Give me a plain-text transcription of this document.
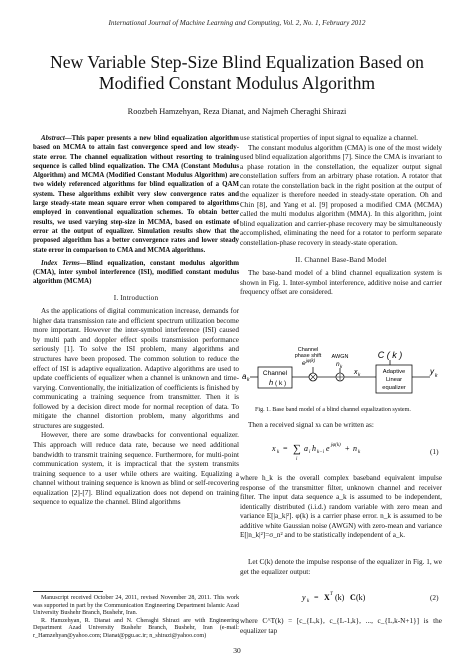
International Journal of Machine Learning and Computing, Vol. 2, No. 1, February 2012
New Variable Step-Size Blind Equalization Based on Modified Constant Modulus Algorithm
Roozbeh Hamzehyan, Reza Dianat, and Najmeh Cheraghi Shirazi

Abstract—This paper presents a new blind equalization algorithm based on MCMA to attain fast convergence speed and low steady-state error. The channel equalization without resorting to training sequence is called blind equalization. The CMA (Constant Modulus Algorithm) and MCMA (Modified Constant Modulus Algorithm) are two widely referenced algorithms for blind equalization of a QAM system. These algorithms exhibit very slow convergence rates and large steady-state mean square error when compared to algorithms employed in conventional equalization schemes. To obtain better results, we used varying step-size in MCMA, based on estimate of error at the output of equalizer. Simulation results show that the proposed algorithm has a better convergence rates and lower steady state error in comparison to CMA and MCMA algorithms.

Index Terms—Blind equalization, constant modulus algorithm (CMA), inter symbol interference (ISI), modified constant modulus algorithm (MCMA)

I. Introduction

As the applications of digital communication increase, demands for higher data transmission rate and efficient spectrum utilization become more important. However the inter-symbol interference (ISI) caused by multi path and doppler effect spoils transmission performance seriously [1]. To solve the ISI problem, many algorithms and structures have been proposed. The common solution to reduce the effect of ISI is adaptive equalization. Adaptive algorithms are used to update coefficients of equalizer when a channel is unknown and time-varying. Conventionally, the initialization of coefficients is finished by communicating a training sequence from transmitter. Then it is followed by a decision direct mode for normal reception of data. To mitigate the channel distortion problem, many algorithms and structures are suggested.

However, there are some drawbacks for conventional equalizer. This approach will reduce data rate, because we need additional bandwidth to transmit training sequence. Furthermore, for multi-point communication system, it is impractical that the system transmits training sequence to a user while others are waiting. Equalizing a channel without training sequence is known as blind or self-recovering equalization [2]-[7]. Blind equalization does not depend on training sequence to equalize the channel. Blind algorithms

use statistical properties of input signal to equalize a channel.

The constant modulus algorithm (CMA) is one of the most widely used blind equalization algorithms [7]. Since the CMA is invariant to a phase rotation in the constellation, the equalizer output signal constellation suffers from an arbitrary phase rotation. A rotator that can rotate the constellation back in the right position at the output of the equalizer is therefore needed in steady-state operation. Oh and Chin [8], and Yang et al. [9] proposed a modified CMA (MCMA) called the multi modulus algorithm (MMA). In this algorithm, joint blind equalization and carrier-phase recovery may be simultaneously accomplished, eliminating the need for a rotator to perform separate constellation-phase recovery in steady-state operation.

II. Channel Base-Band Model

The base-band model of a blind channel equalization system is shown in Fig. 1. Inter-symbol interference, additive noise and carrier frequency offset are considered.

a k
Channel
h ( k )
Channel
phase shift
e jφ(k)
AWGN
n k
x k
C ( k )
Adaptive
Linear
equalizer
y k
Fig. 1. Base band model of a blind channel equalization system.
Then a received signal xk can be written as:
x k = ∑
i
a i h k−i e jφ(k) + n k	(1)
where h_k is the overall complex baseband equivalent impulse response of the transmitter filter, unknown channel and receiver filter. The input data sequence a_k is assumed to be independent, identically distributed (i.i.d.) random variable with zero mean and variance E[|a_k|²]. φ(k) is a carrier phase error. n_k is assumed to be additive white Gaussian noise (AWGN) with zero-mean and variance E[|n_k|²]=σ_n² and to be statistically independent of a_k.
Let C(k) denote the impulse response of the equalizer in Fig. 1, we get the equalizer output:
y k = X T (k) C (k)	(2)
where C^T(k) = [c_{L,k}, c_{L-1,k}, ..., c_{L,k-N+1}] is the equalizer tap

Manuscript received October 24, 2011, revised November 28, 2011. This work was supported in part by the Communication Engineering Department Islamic Azad University Bushehr Branch, Bushehr, Iran.

R. Hamzehyan, R. Dianat and N. Cheraghi Shirazi are with Engineering Department Azad University Bushehr Branch, Bushehr, Iran (e-mail: r_Hamzehyan@yahoo.com; Dianat@pgu.ac.ir; n_shirazi@yahoo.com)

30
